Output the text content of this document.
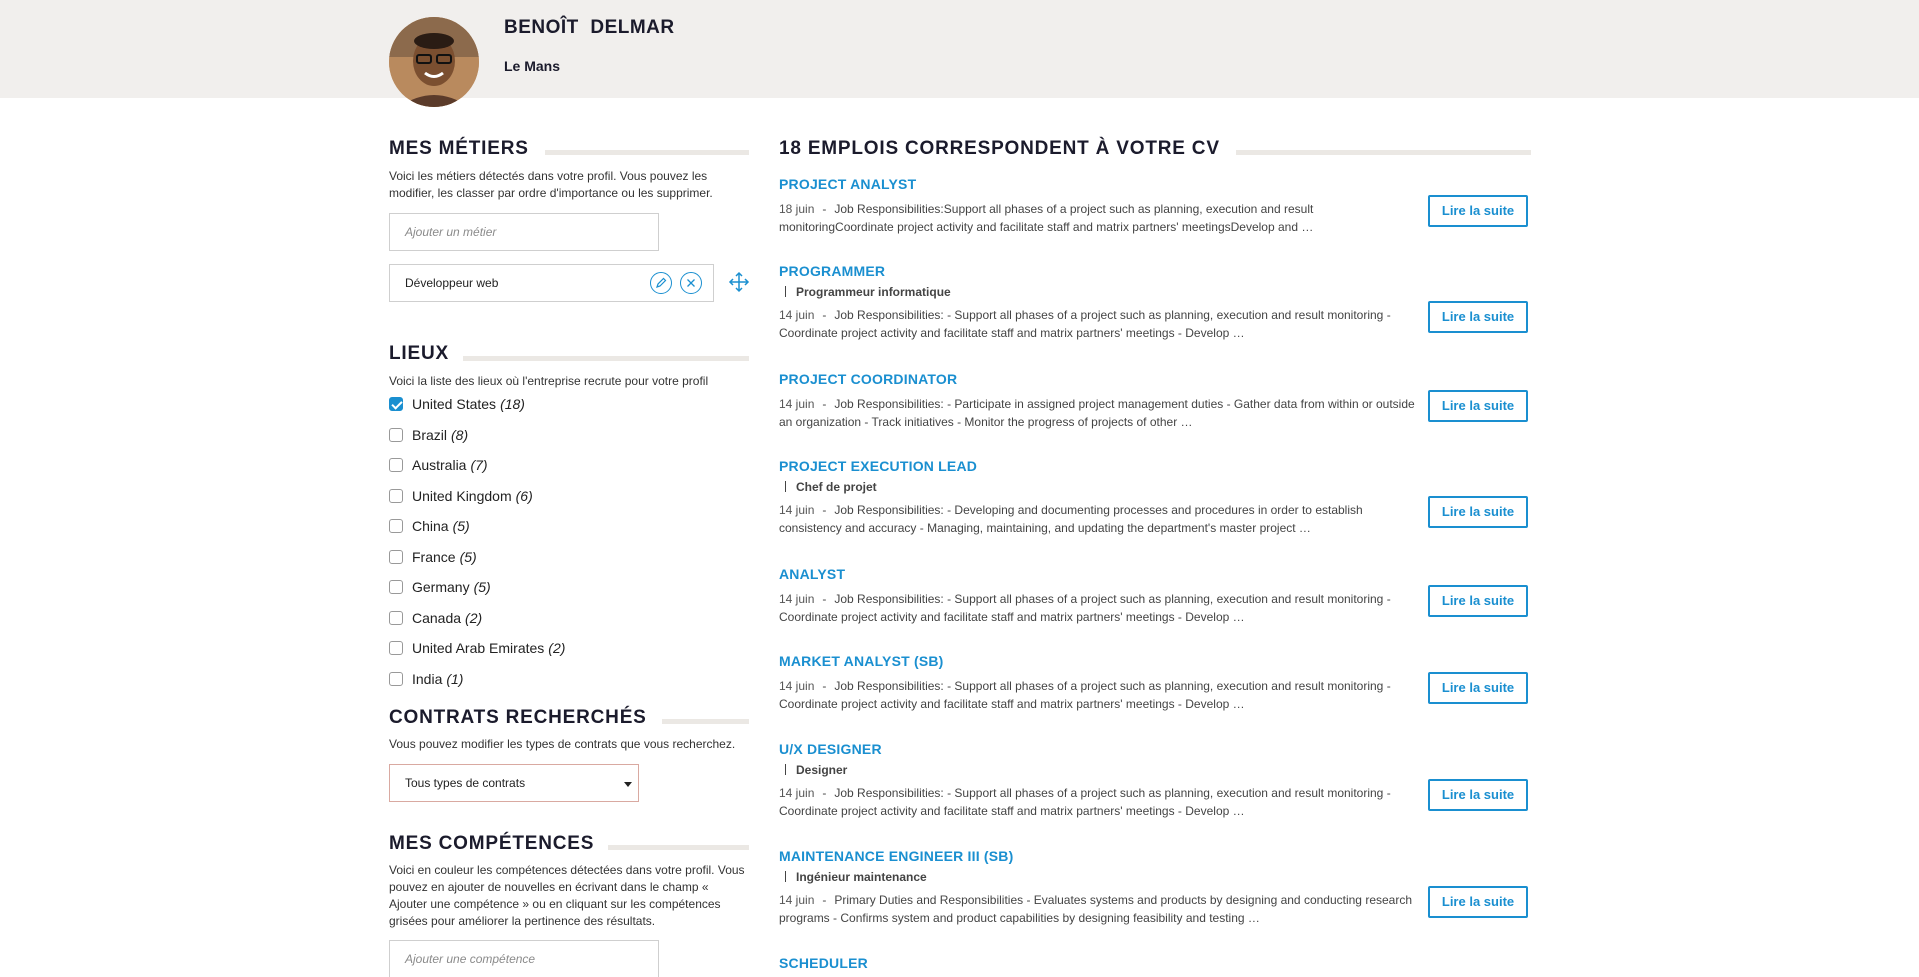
BENOÎT DELMAR
Le Mans
MES MÉTIERS
Voici les métiers détectés dans votre profil. Vous pouvez les modifier, les classer par ordre d'importance ou les supprimer.
Ajouter un métier
Développeur web
LIEUX
Voici la liste des lieux où l'entreprise recrute pour votre profil
United States (18)
Brazil (8)
Australia (7)
United Kingdom (6)
China (5)
France (5)
Germany (5)
Canada (2)
United Arab Emirates (2)
India (1)
CONTRATS RECHERCHÉS
Vous pouvez modifier les types de contrats que vous recherchez.
Tous types de contrats
MES COMPÉTENCES
Voici en couleur les compétences détectées dans votre profil. Vous pouvez en ajouter de nouvelles en écrivant dans le champ « Ajouter une compétence » ou en cliquant sur les compétences grisées pour améliorer la pertinence des résultats.
Ajouter une compétence
18 EMPLOIS CORRESPONDENT À VOTRE CV
PROJECT ANALYST
18 juin - Job Responsibilities:Support all phases of a project such as planning, execution and result monitoringCoordinate project activity and facilitate staff and matrix partners' meetingsDevelop and …
Lire la suite
PROGRAMMER
Programmeur informatique
14 juin - Job Responsibilities: - Support all phases of a project such as planning, execution and result monitoring - Coordinate project activity and facilitate staff and matrix partners' meetings - Develop …
Lire la suite
PROJECT COORDINATOR
14 juin - Job Responsibilities: - Participate in assigned project management duties - Gather data from within or outside an organization - Track initiatives - Monitor the progress of projects of other …
Lire la suite
PROJECT EXECUTION LEAD
Chef de projet
14 juin - Job Responsibilities: - Developing and documenting processes and procedures in order to establish consistency and accuracy - Managing, maintaining, and updating the department's master project …
Lire la suite
ANALYST
14 juin - Job Responsibilities: - Support all phases of a project such as planning, execution and result monitoring - Coordinate project activity and facilitate staff and matrix partners' meetings - Develop …
Lire la suite
MARKET ANALYST (SB)
14 juin - Job Responsibilities: - Support all phases of a project such as planning, execution and result monitoring - Coordinate project activity and facilitate staff and matrix partners' meetings - Develop …
Lire la suite
U/X DESIGNER
Designer
14 juin - Job Responsibilities: - Support all phases of a project such as planning, execution and result monitoring - Coordinate project activity and facilitate staff and matrix partners' meetings - Develop …
Lire la suite
MAINTENANCE ENGINEER III (SB)
Ingénieur maintenance
14 juin - Primary Duties and Responsibilities - Evaluates systems and products by designing and conducting research programs - Confirms system and product capabilities by designing feasibility and testing …
Lire la suite
SCHEDULER
